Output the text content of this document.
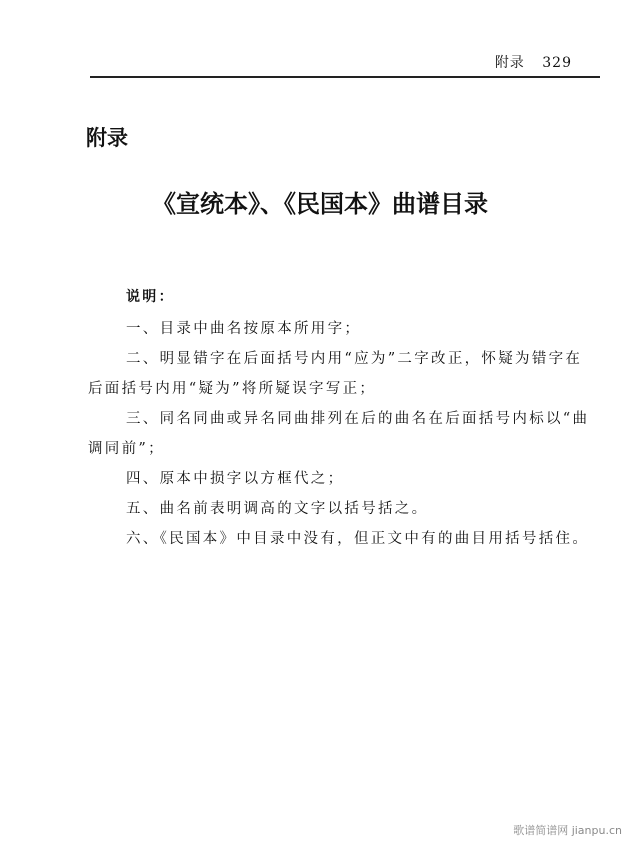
附录 329
附录
《宣统本》、《民国本》曲谱目录
说明：

一、目录中曲名按原本所用字；

二、明显错字在后面括号内用“应为”二字改正，怀疑为错字在后面括号内用“疑为”将所疑误字写正；

三、同名同曲或异名同曲排列在后的曲名在后面括号内标以“曲调同前”；

四、原本中损字以方框代之；

五、曲名前表明调高的文字以括号括之。

六、《民国本》中目录中没有，但正文中有的曲目用括号括住。

歌谱简谱网 jianpu.cn
